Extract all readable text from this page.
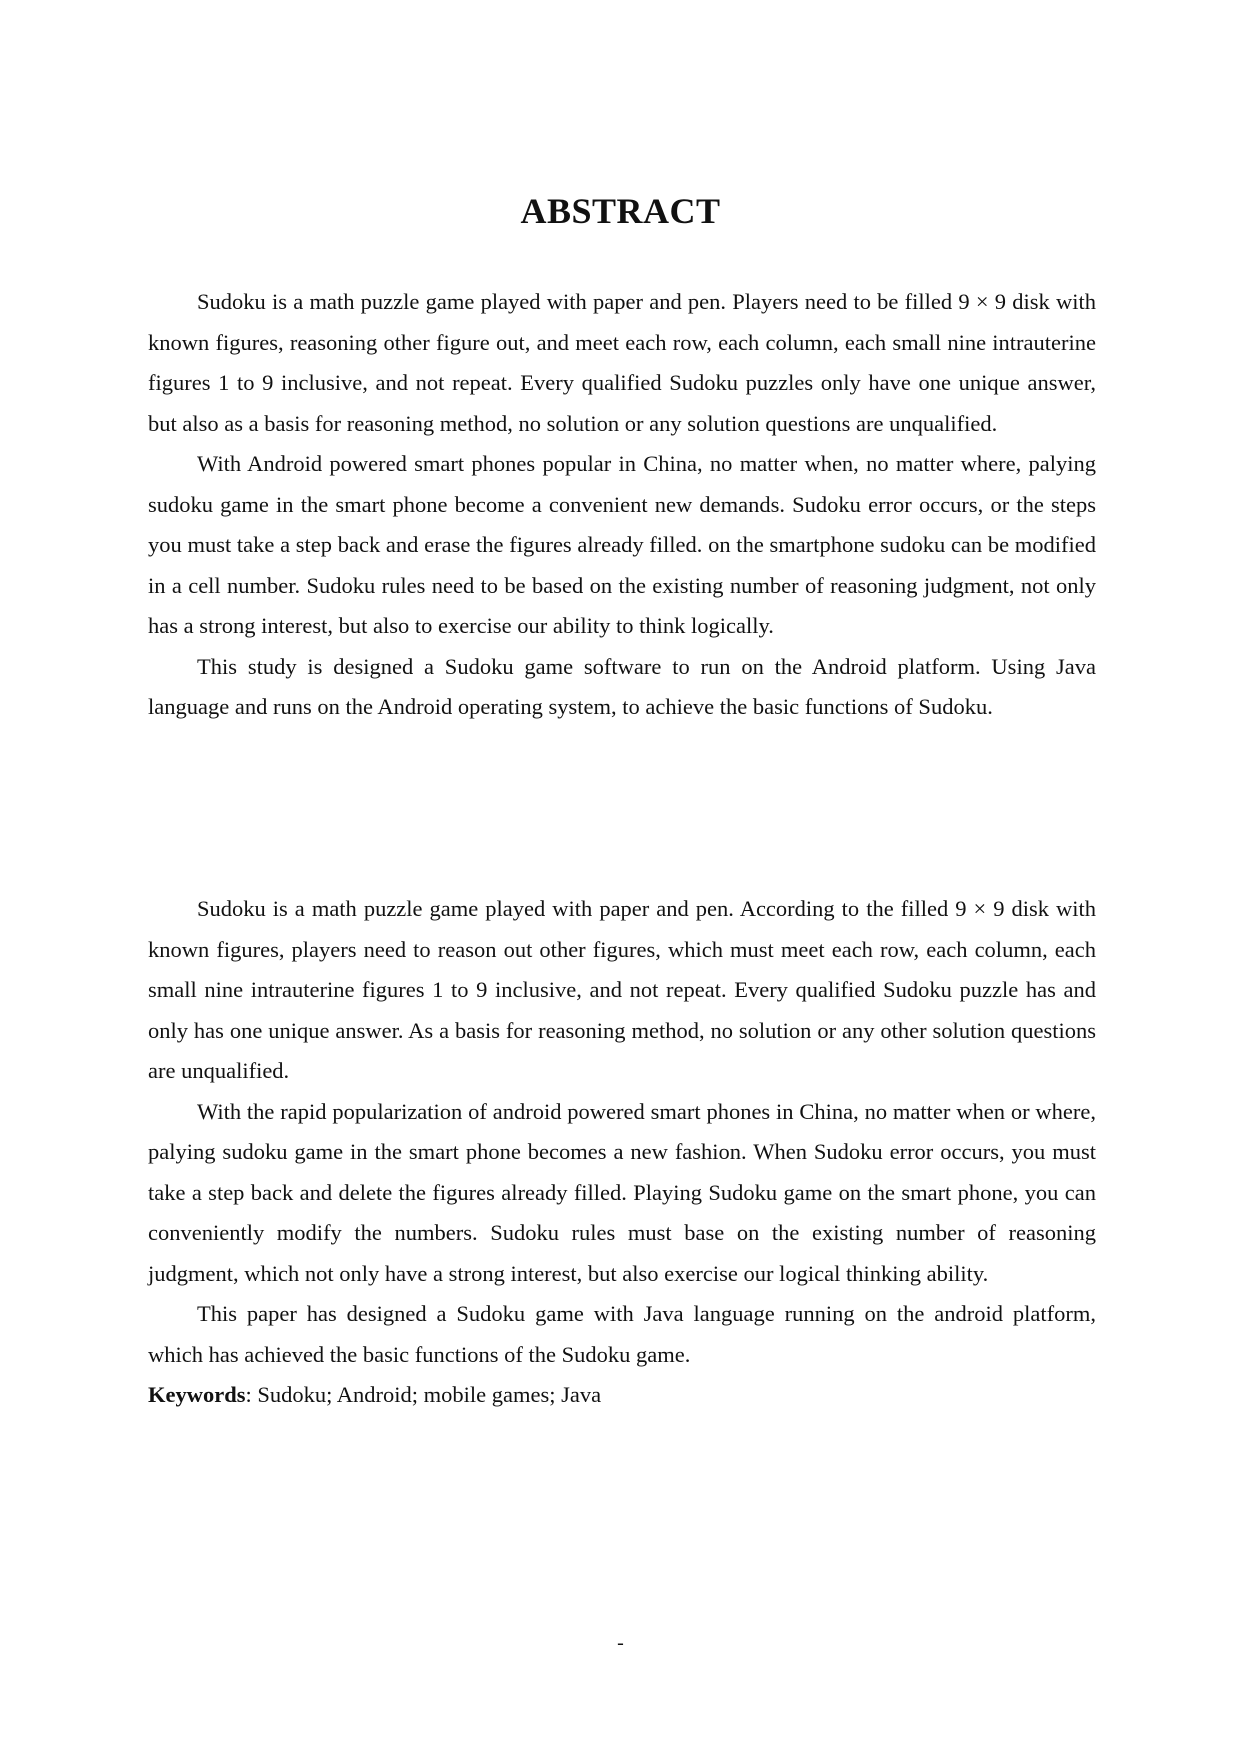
ABSTRACT

Sudoku is a math puzzle game played with paper and pen. Players need to be filled 9 × 9 disk with known figures, reasoning other figure out, and meet each row, each column, each small nine intrauterine figures 1 to 9 inclusive, and not repeat. Every qualified Sudoku puzzles only have one unique answer, but also as a basis for reasoning method, no solution or any solution questions are unqualified.

With Android powered smart phones popular in China, no matter when, no matter where, palying sudoku game in the smart phone become a convenient new demands. Sudoku error occurs, or the steps you must take a step back and erase the figures already filled. on the smartphone sudoku can be modified in a cell number. Sudoku rules need to be based on the existing number of reasoning judgment, not only has a strong interest, but also to exercise our ability to think logically.

This study is designed a Sudoku game software to run on the Android platform. Using Java language and runs on the Android operating system, to achieve the basic functions of Sudoku.

Sudoku is a math puzzle game played with paper and pen. According to the filled 9 × 9 disk with known figures, players need to reason out other figures, which must meet each row, each column, each small nine intrauterine figures 1 to 9 inclusive, and not repeat. Every qualified Sudoku puzzle has and only has one unique answer. As a basis for reasoning method, no solution or any other solution questions are unqualified.

With the rapid popularization of android powered smart phones in China, no matter when or where, palying sudoku game in the smart phone becomes a new fashion. When Sudoku error occurs, you must take a step back and delete the figures already filled. Playing Sudoku game on the smart phone, you can conveniently modify the numbers. Sudoku rules must base on the existing number of reasoning judgment, which not only have a strong interest, but also exercise our logical thinking ability.

This paper has designed a Sudoku game with Java language running on the android platform, which has achieved the basic functions of the Sudoku game.

Keywords: Sudoku; Android; mobile games; Java

-
